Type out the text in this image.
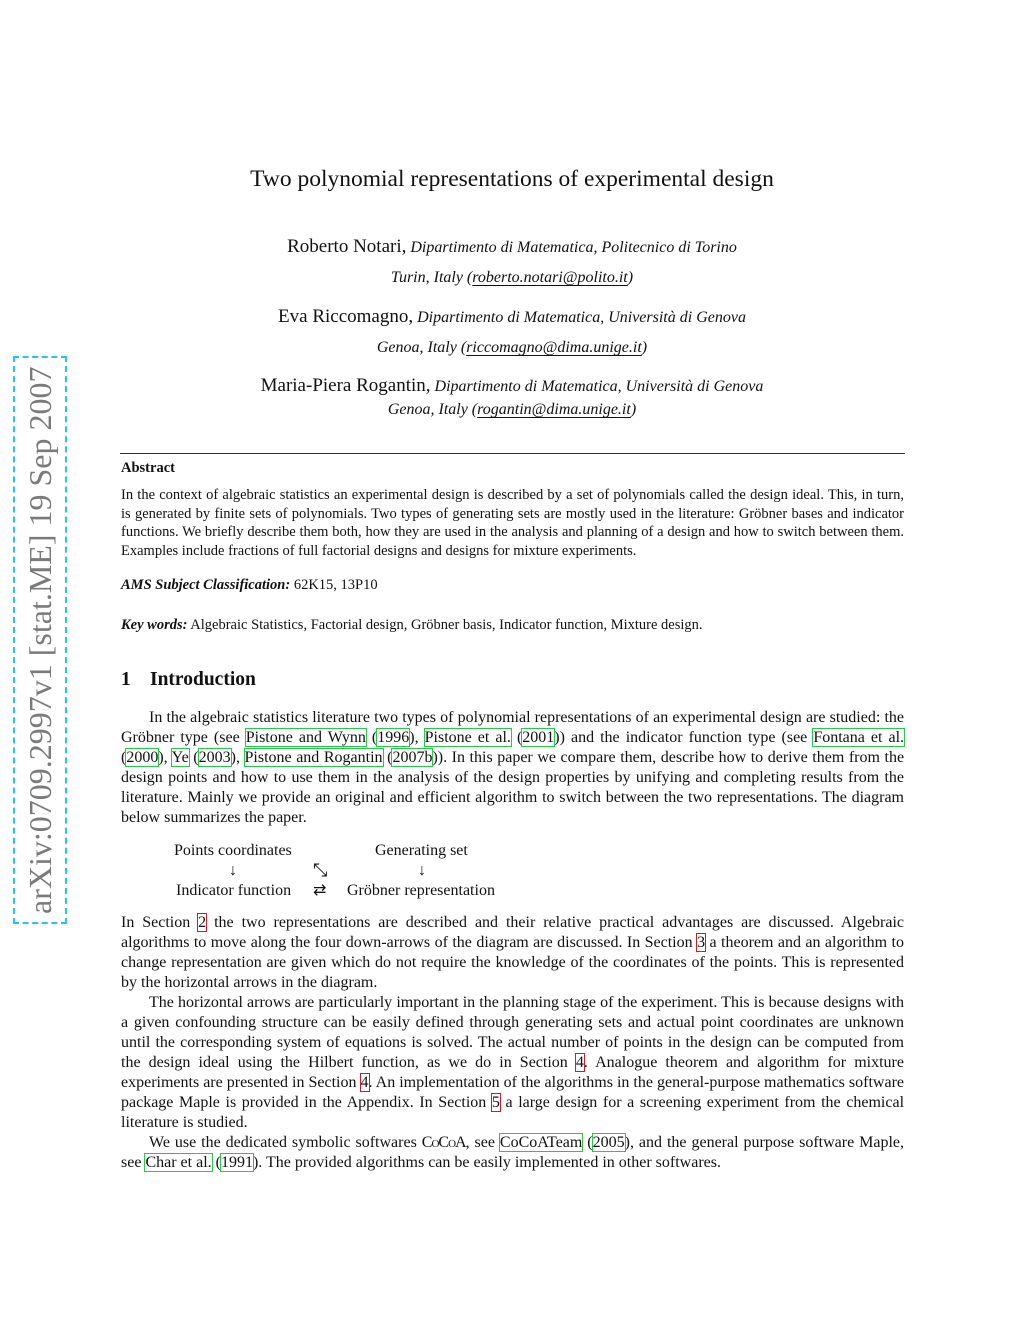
arXiv:0709.2997v1 [stat.ME] 19 Sep 2007
Two polynomial representations of experimental design
Roberto Notari, Dipartimento di Matematica, Politecnico di Torino
Turin, Italy (roberto.notari@polito.it)
Eva Riccomagno, Dipartimento di Matematica, Università di Genova
Genoa, Italy (riccomagno@dima.unige.it)
Maria-Piera Rogantin, Dipartimento di Matematica, Università di Genova
Genoa, Italy (rogantin@dima.unige.it)
Abstract
In the context of algebraic statistics an experimental design is described by a set of polynomials called the design ideal. This, in turn, is generated by finite sets of polynomials. Two types of generating sets are mostly used in the literature: Gröbner bases and indicator functions. We briefly describe them both, how they are used in the analysis and planning of a design and how to switch between them. Examples include fractions of full factorial designs and designs for mixture experiments.
AMS Subject Classification: 62K15, 13P10
Key words: Algebraic Statistics, Factorial design, Gröbner basis, Indicator function, Mixture design.
1 Introduction

In the algebraic statistics literature two types of polynomial representations of an experimental design are studied: the Gröbner type (see Pistone and Wynn (1996), Pistone et al. (2001)) and the indicator function type (see Fontana et al. (2000), Ye (2003), Pistone and Rogantin (2007b)). In this paper we compare them, describe how to derive them from the design points and how to use them in the analysis of the design properties by unifying and completing results from the literature. Mainly we provide an original and efficient algorithm to switch between the two representations. The diagram below summarizes the paper.

Points coordinates	Generating set
↓	⤡	↓
Indicator function ⇄ Gröbner representation

In Section 2 the two representations are described and their relative practical advantages are discussed. Algebraic algorithms to move along the four down-arrows of the diagram are discussed. In Section 3 a theorem and an algorithm to change representation are given which do not require the knowledge of the coordinates of the points. This is represented by the horizontal arrows in the diagram.

The horizontal arrows are particularly important in the planning stage of the experiment. This is because designs with a given confounding structure can be easily defined through generating sets and actual point coordinates are unknown until the corresponding system of equations is solved. The actual number of points in the design can be computed from the design ideal using the Hilbert function, as we do in Section 4. Analogue theorem and algorithm for mixture experiments are presented in Section 4. An implementation of the algorithms in the general-purpose mathematics software package Maple is provided in the Appendix. In Section 5 a large design for a screening experiment from the chemical literature is studied.

We use the dedicated symbolic softwares CoCoA, see CoCoATeam (2005), and the general purpose software Maple, see Char et al. (1991). The provided algorithms can be easily implemented in other softwares.
